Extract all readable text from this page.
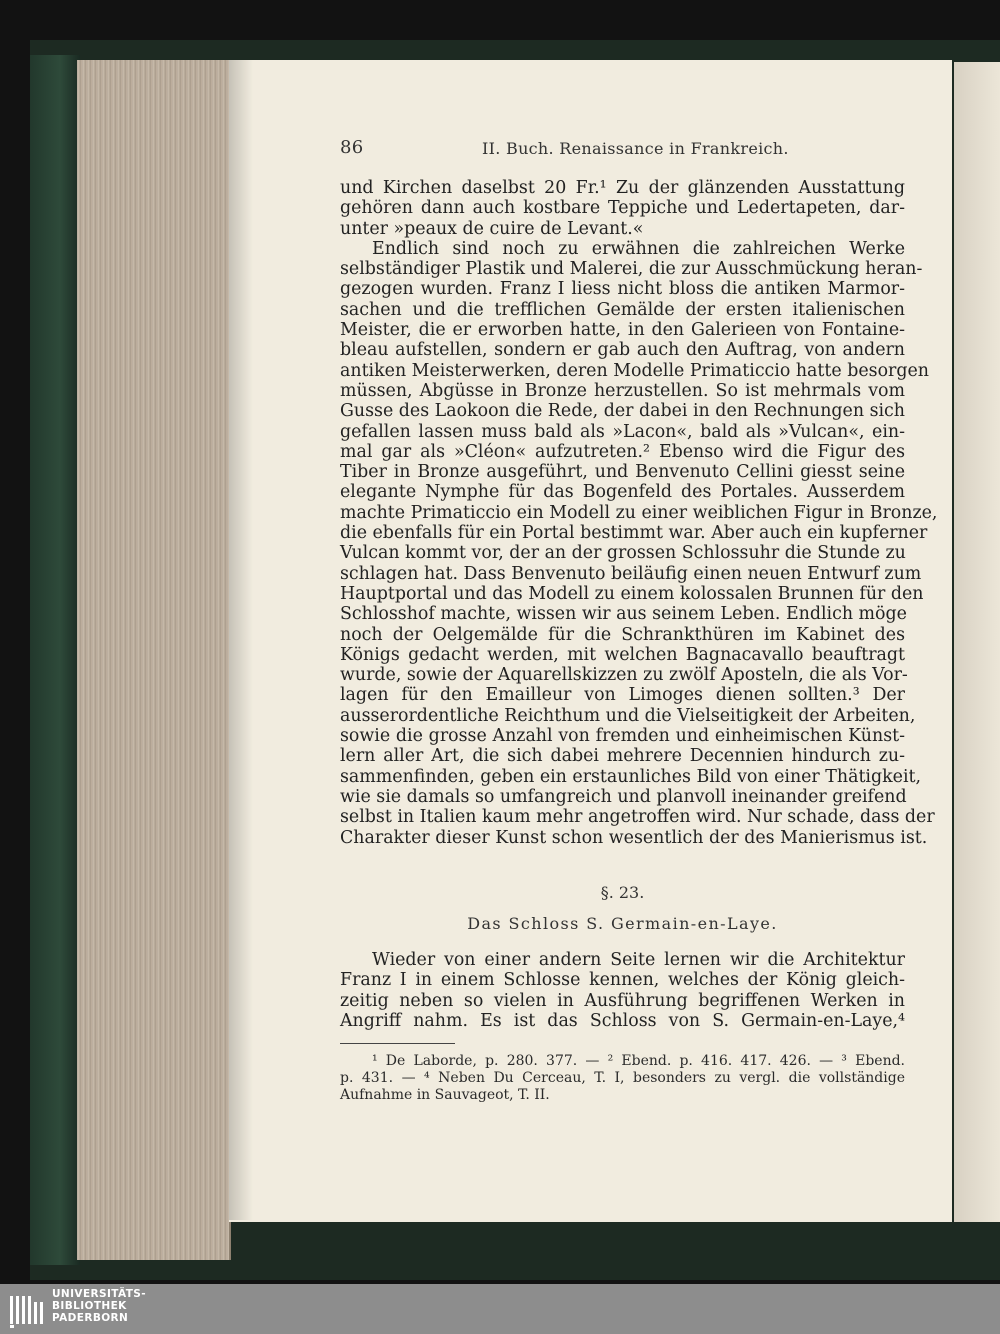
86	II. Buch. Renaissance in Frankreich.
und Kirchen daselbst 20 Fr.¹ Zu der glänzenden Ausstattung
gehören dann auch kostbare Teppiche und Ledertapeten, dar-
unter »peaux de cuire de Levant.«
Endlich sind noch zu erwähnen die zahlreichen Werke
selbständiger Plastik und Malerei, die zur Ausschmückung heran-
gezogen wurden. Franz I liess nicht bloss die antiken Marmor-
sachen und die trefflichen Gemälde der ersten italienischen
Meister, die er erworben hatte, in den Galerieen von Fontaine-
bleau aufstellen, sondern er gab auch den Auftrag, von andern
antiken Meisterwerken, deren Modelle Primaticcio hatte besorgen
müssen, Abgüsse in Bronze herzustellen. So ist mehrmals vom
Gusse des Laokoon die Rede, der dabei in den Rechnungen sich
gefallen lassen muss bald als »Lacon«, bald als »Vulcan«, ein-
mal gar als »Cléon« aufzutreten.² Ebenso wird die Figur des
Tiber in Bronze ausgeführt, und Benvenuto Cellini giesst seine
elegante Nymphe für das Bogenfeld des Portales. Ausserdem
machte Primaticcio ein Modell zu einer weiblichen Figur in Bronze,
die ebenfalls für ein Portal bestimmt war. Aber auch ein kupferner
Vulcan kommt vor, der an der grossen Schlossuhr die Stunde zu
schlagen hat. Dass Benvenuto beiläufig einen neuen Entwurf zum
Hauptportal und das Modell zu einem kolossalen Brunnen für den
Schlosshof machte, wissen wir aus seinem Leben. Endlich möge
noch der Oelgemälde für die Schrankthüren im Kabinet des
Königs gedacht werden, mit welchen Bagnacavallo beauftragt
wurde, sowie der Aquarellskizzen zu zwölf Aposteln, die als Vor-
lagen für den Emailleur von Limoges dienen sollten.³ Der
ausserordentliche Reichthum und die Vielseitigkeit der Arbeiten,
sowie die grosse Anzahl von fremden und einheimischen Künst-
lern aller Art, die sich dabei mehrere Decennien hindurch zu-
sammenfinden, geben ein erstaunliches Bild von einer Thätigkeit,
wie sie damals so umfangreich und planvoll ineinander greifend
selbst in Italien kaum mehr angetroffen wird. Nur schade, dass der
Charakter dieser Kunst schon wesentlich der des Manierismus ist.
§. 23.
Das Schloss S. Germain-en-Laye.
Wieder von einer andern Seite lernen wir die Architektur
Franz I in einem Schlosse kennen, welches der König gleich-
zeitig neben so vielen in Ausführung begriffenen Werken in
Angriff nahm. Es ist das Schloss von S. Germain-en-Laye,⁴
¹ De Laborde, p. 280. 377. — ² Ebend. p. 416. 417. 426. — ³ Ebend.
p. 431. — ⁴ Neben Du Cerceau, T. I, besonders zu vergl. die vollständige
Aufnahme in Sauvageot, T. II.
UNIVERSITÄTS-
BIBLIOTHEK
PADERBORN
